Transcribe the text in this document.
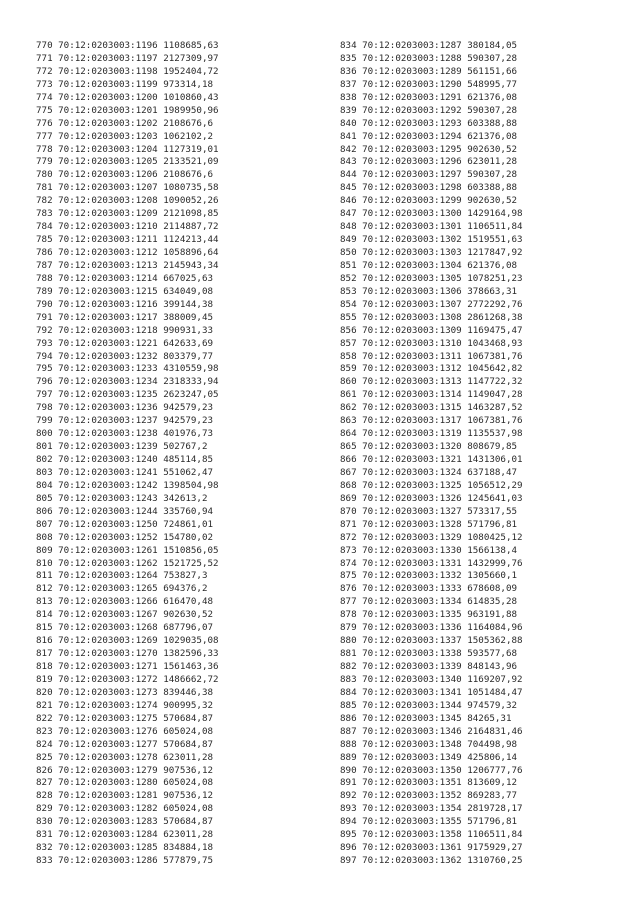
770 70:12:0203003:1196 1108685,63
771 70:12:0203003:1197 2127309,97
772 70:12:0203003:1198 1952404,72
773 70:12:0203003:1199 973314,18
774 70:12:0203003:1200 1010860,43
775 70:12:0203003:1201 1989950,96
776 70:12:0203003:1202 2108676,6
777 70:12:0203003:1203 1062102,2
778 70:12:0203003:1204 1127319,01
779 70:12:0203003:1205 2133521,09
780 70:12:0203003:1206 2108676,6
781 70:12:0203003:1207 1080735,58
782 70:12:0203003:1208 1090052,26
783 70:12:0203003:1209 2121098,85
784 70:12:0203003:1210 2114887,72
785 70:12:0203003:1211 1124213,44
786 70:12:0203003:1212 1058896,64
787 70:12:0203003:1213 2145943,34
788 70:12:0203003:1214 667025,63
789 70:12:0203003:1215 634049,08
790 70:12:0203003:1216 399144,38
791 70:12:0203003:1217 388009,45
792 70:12:0203003:1218 990931,33
793 70:12:0203003:1221 642633,69
794 70:12:0203003:1232 803379,77
795 70:12:0203003:1233 4310559,98
796 70:12:0203003:1234 2318333,94
797 70:12:0203003:1235 2623247,05
798 70:12:0203003:1236 942579,23
799 70:12:0203003:1237 942579,23
800 70:12:0203003:1238 401976,73
801 70:12:0203003:1239 502767,2
802 70:12:0203003:1240 485114,85
803 70:12:0203003:1241 551062,47
804 70:12:0203003:1242 1398504,98
805 70:12:0203003:1243 342613,2
806 70:12:0203003:1244 335760,94
807 70:12:0203003:1250 724861,01
808 70:12:0203003:1252 154780,02
809 70:12:0203003:1261 1510856,05
810 70:12:0203003:1262 1521725,52
811 70:12:0203003:1264 753827,3
812 70:12:0203003:1265 694376,2
813 70:12:0203003:1266 616470,48
814 70:12:0203003:1267 902630,52
815 70:12:0203003:1268 687796,07
816 70:12:0203003:1269 1029035,08
817 70:12:0203003:1270 1382596,33
818 70:12:0203003:1271 1561463,36
819 70:12:0203003:1272 1486662,72
820 70:12:0203003:1273 839446,38
821 70:12:0203003:1274 900995,32
822 70:12:0203003:1275 570684,87
823 70:12:0203003:1276 605024,08
824 70:12:0203003:1277 570684,87
825 70:12:0203003:1278 623011,28
826 70:12:0203003:1279 907536,12
827 70:12:0203003:1280 605024,08
828 70:12:0203003:1281 907536,12
829 70:12:0203003:1282 605024,08
830 70:12:0203003:1283 570684,87
831 70:12:0203003:1284 623011,28
832 70:12:0203003:1285 834884,18
833 70:12:0203003:1286 577879,75
834 70:12:0203003:1287 380184,05
835 70:12:0203003:1288 590307,28
836 70:12:0203003:1289 561151,66
837 70:12:0203003:1290 548995,77
838 70:12:0203003:1291 621376,08
839 70:12:0203003:1292 590307,28
840 70:12:0203003:1293 603388,88
841 70:12:0203003:1294 621376,08
842 70:12:0203003:1295 902630,52
843 70:12:0203003:1296 623011,28
844 70:12:0203003:1297 590307,28
845 70:12:0203003:1298 603388,88
846 70:12:0203003:1299 902630,52
847 70:12:0203003:1300 1429164,98
848 70:12:0203003:1301 1106511,84
849 70:12:0203003:1302 1519551,63
850 70:12:0203003:1303 1217847,92
851 70:12:0203003:1304 621376,08
852 70:12:0203003:1305 1078251,23
853 70:12:0203003:1306 378663,31
854 70:12:0203003:1307 2772292,76
855 70:12:0203003:1308 2861268,38
856 70:12:0203003:1309 1169475,47
857 70:12:0203003:1310 1043468,93
858 70:12:0203003:1311 1067381,76
859 70:12:0203003:1312 1045642,82
860 70:12:0203003:1313 1147722,32
861 70:12:0203003:1314 1149047,28
862 70:12:0203003:1315 1463287,52
863 70:12:0203003:1317 1067381,76
864 70:12:0203003:1319 1135537,98
865 70:12:0203003:1320 808679,85
866 70:12:0203003:1321 1431306,01
867 70:12:0203003:1324 637188,47
868 70:12:0203003:1325 1056512,29
869 70:12:0203003:1326 1245641,03
870 70:12:0203003:1327 573317,55
871 70:12:0203003:1328 571796,81
872 70:12:0203003:1329 1080425,12
873 70:12:0203003:1330 1566138,4
874 70:12:0203003:1331 1432999,76
875 70:12:0203003:1332 1305660,1
876 70:12:0203003:1333 678608,09
877 70:12:0203003:1334 614835,28
878 70:12:0203003:1335 963191,88
879 70:12:0203003:1336 1164084,96
880 70:12:0203003:1337 1505362,88
881 70:12:0203003:1338 593577,68
882 70:12:0203003:1339 848143,96
883 70:12:0203003:1340 1169207,92
884 70:12:0203003:1341 1051484,47
885 70:12:0203003:1344 974579,32
886 70:12:0203003:1345 84265,31
887 70:12:0203003:1346 2164831,46
888 70:12:0203003:1348 704498,98
889 70:12:0203003:1349 425806,14
890 70:12:0203003:1350 1206777,76
891 70:12:0203003:1351 813609,12
892 70:12:0203003:1352 869283,77
893 70:12:0203003:1354 2819728,17
894 70:12:0203003:1355 571796,81
895 70:12:0203003:1358 1106511,84
896 70:12:0203003:1361 9175929,27
897 70:12:0203003:1362 1310760,25
